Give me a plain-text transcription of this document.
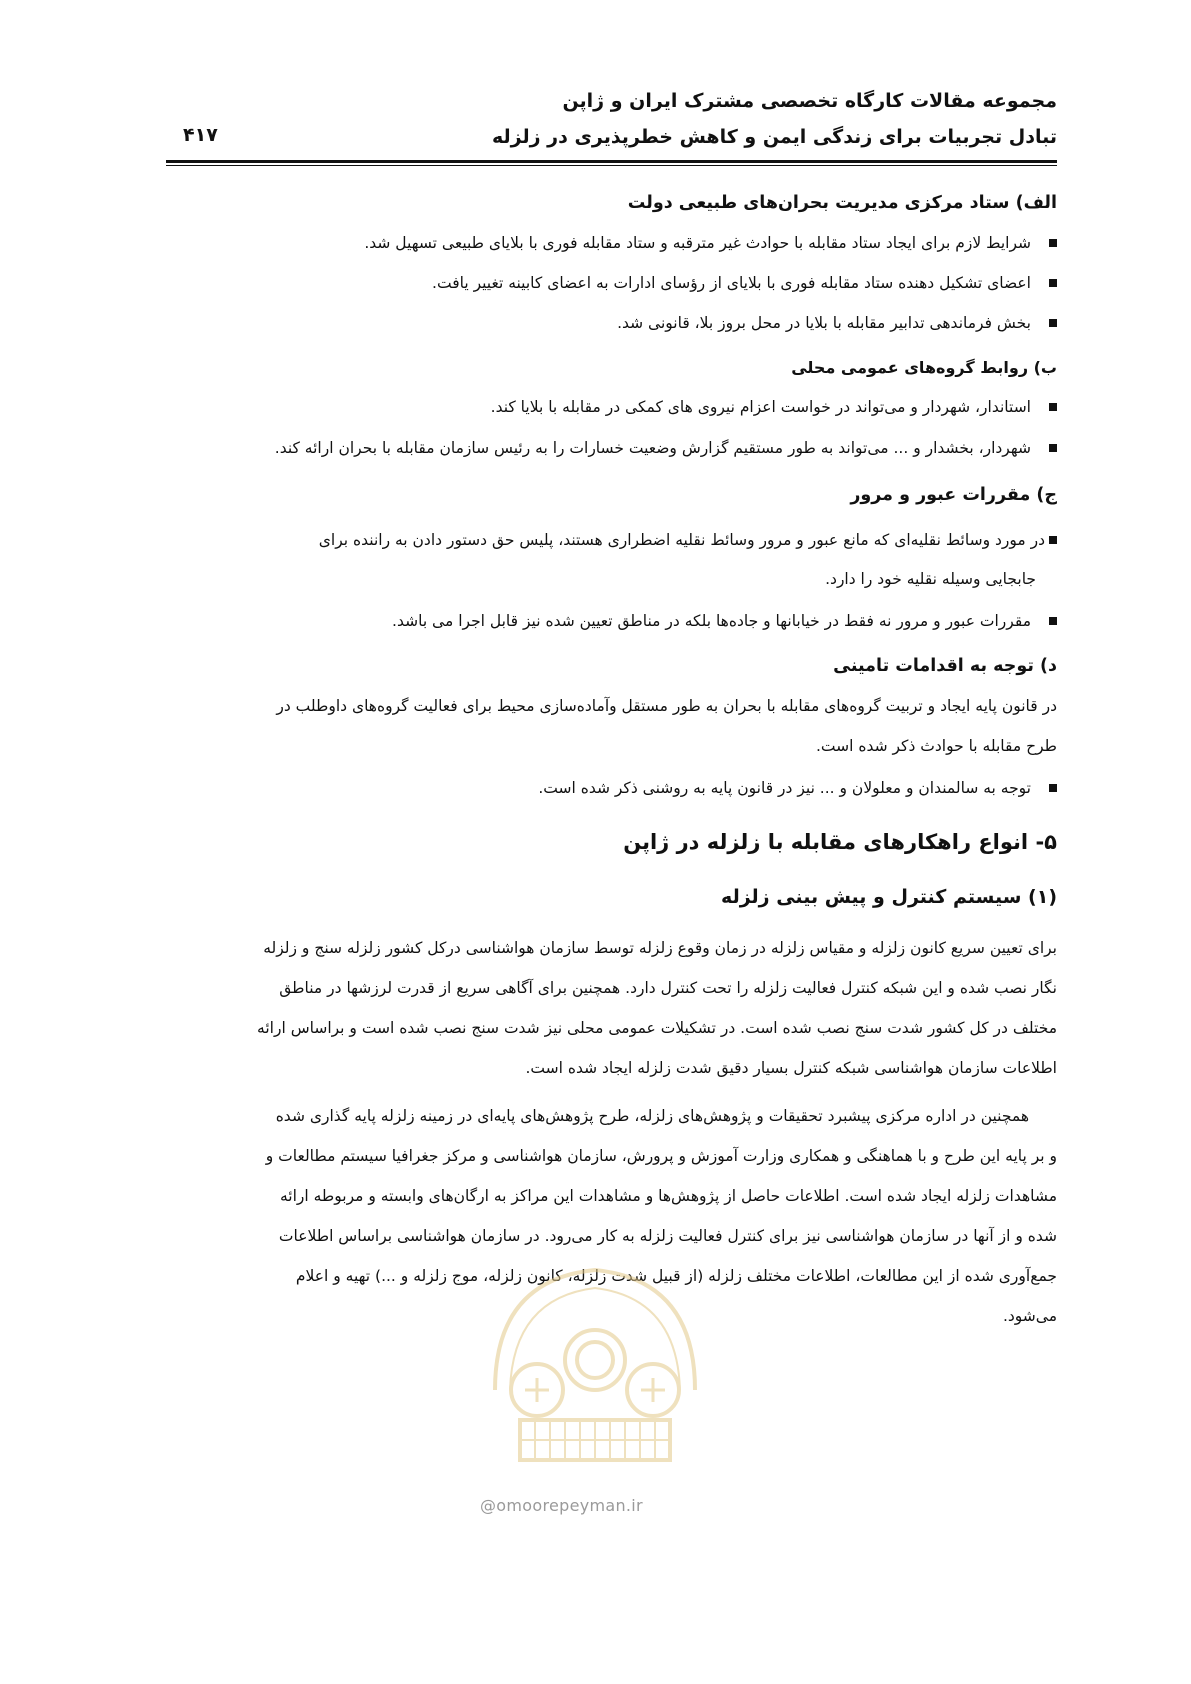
مجموعه مقالات کارگاه تخصصی مشترک ایران و ژاپن
تبادل تجربیات برای زندگی ایمن و کاهش خطرپذیری در زلزله
۴۱۷
الف) ستاد مرکزی مدیریت بحران‌های طبیعی دولت
شرایط لازم برای ایجاد ستاد مقابله با حوادث غیر مترقبه و ستاد مقابله فوری با بلایای طبیعی تسهیل شد.
اعضای تشکیل دهنده ستاد مقابله فوری با بلایای از رؤسای ادارات به اعضای کابینه تغییر یافت.
بخش فرماندهی تدابیر مقابله با بلایا در محل بروز بلا، قانونی شد.
ب) روابط گروه‌های عمومی محلی
استاندار، شهردار و می‌تواند در خواست اعزام نیروی های کمکی در مقابله با بلایا کند.
شهردار، بخشدار و ... می‌تواند به طور مستقیم گزارش وضعیت خسارات را به رئیس سازمان مقابله با بحران ارائه کند.
ج) مقررات عبور و مرور
در مورد وسائط نقلیه‌ای که مانع عبور و مرور وسائط نقلیه اضطراری هستند، پلیس حق دستور دادن به راننده برای
جابجایی وسیله نقلیه خود را دارد.
مقررات عبور و مرور نه فقط در خیابانها و جاده‌ها بلکه در مناطق تعیین شده نیز قابل اجرا می باشد.
د) توجه به اقدامات تامینی
در قانون پایه ایجاد و تربیت گروه‌های مقابله با بحران به طور مستقل وآماده‌سازی محیط برای فعالیت گروه‌های داوطلب در
طرح مقابله با حوادث ذکر شده است.
توجه به سالمندان و معلولان و ... نیز در قانون پایه به روشنی ذکر شده است.
۵- انواع راهکارهای مقابله با زلزله در ژاپن
(۱) سیستم کنترل و پیش بینی زلزله
برای تعیین سریع کانون زلزله و مقیاس زلزله در زمان وقوع زلزله توسط سازمان هواشناسی درکل کشور زلزله سنج و زلزله
نگار نصب شده و این شبکه کنترل فعالیت زلزله را تحت کنترل دارد. همچنین برای آگاهی سریع از قدرت لرزشها در مناطق
مختلف در کل کشور شدت سنج نصب شده است. در تشکیلات عمومی محلی نیز شدت سنج نصب شده است و براساس ارائه
اطلاعات سازمان هواشناسی شبکه کنترل بسیار دقیق شدت زلزله ایجاد شده است.
همچنین در اداره مرکزی پیشبرد تحقیقات و پژوهش‌های زلزله، طرح پژوهش‌های پایه‌ای در زمینه زلزله پایه گذاری شده
و بر پایه این طرح و با هماهنگی و همکاری وزارت آموزش و پرورش، سازمان هواشناسی و مرکز جغرافیا سیستم مطالعات و
مشاهدات زلزله ایجاد شده است. اطلاعات حاصل از پژوهش‌ها و مشاهدات این مراکز به ارگان‌های وابسته و مربوطه ارائه
شده و از آنها در سازمان هواشناسی نیز برای کنترل فعالیت زلزله به کار می‌رود. در سازمان هواشناسی براساس اطلاعات
جمع‌آوری شده از این مطالعات، اطلاعات مختلف زلزله (از قبیل شدت زلزله، کانون زلزله، موج زلزله و ...) تهیه و اعلام
می‌شود.
@omoorepeyman.ir
